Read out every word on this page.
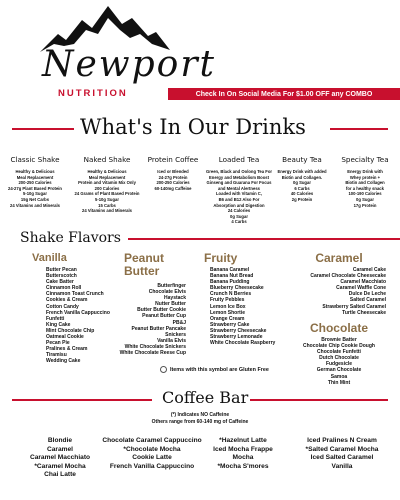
Newport
NUTRITION	Check In On Social Media For $1.00 OFF any COMBO
What's In Our Drinks
Classic Shake
Healthy & Delicious
Meal Replacement
200-250 Calories
24-27g Plant Based Protein
5-10g Sugar
15g Net Carbs
24 Vitamins and Minerals
Naked Shake
Healthy & Delicious
Meal Replacement
Protein and Vitamin Mix Only
200 Calories
24 Grams of Plant Based Protein
5-10g Sugar
15 Carbs
24 Vitamins and Minerals
Protein Coffee
Iced or Blended
24-27g Protein
200-250 Calories
60-140mg Caffeine
Loaded Tea
Green, Black and Oolong Tea For
Energy and Metabolism Boost
Ginseng and Guarana For Focus
and Mental Alertness
Loaded with Vitamin C,
B6 and B12 Also For
Absorption and Digestion
24 Calories
0g Sugar
4 Carbs
Beauty Tea
Energy Drink with added
Biotin and Collagen.
0g Sugar
6 Carbs
40 Calories
2g Protein
Specialty Tea
Energy Drink with
Whey protein +
Biotin and Collagen
for a healthy snack
100-190 Calories
0g Sugar
17g Protein
Shake Flavors
Vanilla
Butter Pecan
Butterscotch
Cake Batter
Cinnamon Roll
Cinnamon Toast Crunch
Cookies & Cream
Cotton Candy
French Vanilla Cappuccino
Funfetti
King Cake
Mint Chocolate Chip
Oatmeal Cookie
Pecan Pie
Pralines & Cream
Tiramisu
Wedding Cake
Peanut Butter
Butterfinger
Chocolate Elvis
Haystack
Nutter Butter
Butter Butter Cookie
Peanut Butter Cup
PB&J
Peanut Butter Pancake
Snickers
Vanilla Elvis
White Chocolate Snickers
White Chocolate Reese Cup
Fruity
Banana Caramel
Banana Nut Bread
Banana Pudding
Blueberry Cheesecake
Crunch N Berries
Fruity Pebbles
Lemon Ice Box
Lemon Shortie
Orange Cream
Strawberry Cake
Strawberry Cheesecake
Strawberry Lemonade
White Chocolate Raspberry
Caramel
Caramel Cake
Caramel Chocolate Cheesecake
Caramel Macchiato
Caramel Waffle Cone
Dulce De Leche
Salted Caramel
Strawberry Salted Caramel
Turtle Cheesecake
Chocolate
Brownie Batter
Chocolate Chip Cookie Dough
Chocolate Funfetti
Dutch Chocolate
Fudgesicle
German Chocolate
Samoa
Thin Mint
Items with this symbol are Gluten Free
Coffee Bar
(*) Indicates NO Caffeine
Others range from 60-140 mg of Caffeine
Blondie
Caramel
Caramel Macchiato
*Caramel Mocha
Chai Latte
Chocolate Caramel Cappuccino
*Chocolate Mocha
Cookie Latte
French Vanilla Cappuccino
*Hazelnut Latte
Iced Mocha Frappe
Mocha
*Mocha S'mores
Iced Pralines N Cream
*Salted Caramel Mocha
Iced Salted Caramel
Vanilla
